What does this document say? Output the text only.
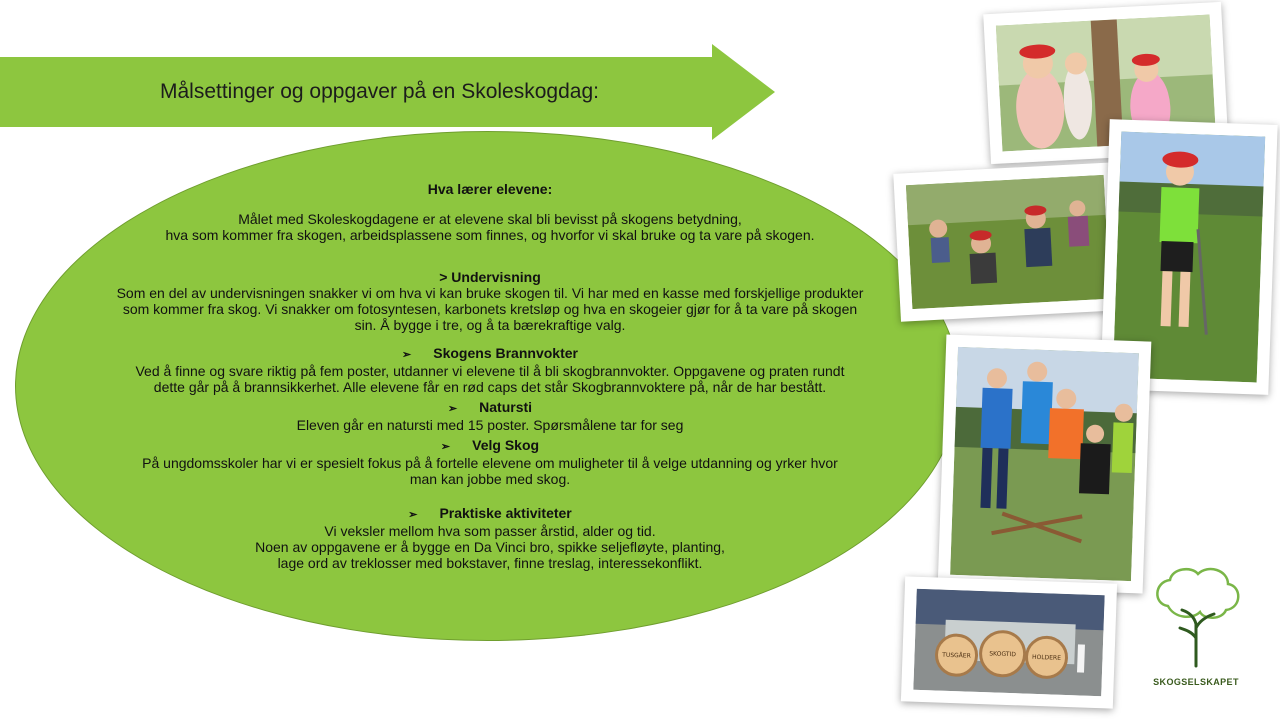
Målsettinger og oppgaver på en Skoleskogdag:
Hva lærer elevene:
Målet med Skoleskogdagene er at elevene skal bli bevisst på skogens betydning,
hva som kommer fra skogen, arbeidsplassene som finnes, og hvorfor vi skal bruke og ta vare på skogen.
> Undervisning
Som en del av undervisningen snakker vi om hva vi kan bruke skogen til. Vi har med en kasse med forskjellige produkter
som kommer fra skog. Vi snakker om fotosyntesen, karbonets kretsløp og hva en skogeier gjør for å ta vare på skogen
sin. Å bygge i tre, og å ta bærekraftige valg.
➢ Skogens Brannvokter
Ved å finne og svare riktig på fem poster, utdanner vi elevene til å bli skogbrannvokter. Oppgavene og praten rundt
dette går på å brannsikkerhet. Alle elevene får en rød caps det står Skogbrannvoktere på, når de har bestått.
➢ Natursti
Eleven går en natursti med 15 poster. Spørsmålene tar for seg
➢ Velg Skog
På ungdomsskoler har vi er spesielt fokus på å fortelle elevene om muligheter til å velge utdanning og yrker hvor
man kan jobbe med skog.
➢ Praktiske aktiviteter
Vi veksler mellom hva som passer årstid, alder og tid.
Noen av oppgavene er å bygge en Da Vinci bro, spikke seljefløyte, planting,
lage ord av treklosser med bokstaver, finne treslag, interessekonflikt.
TUSGÅER	SKOGTID	HOLDERE
SKOGSELSKAPET
